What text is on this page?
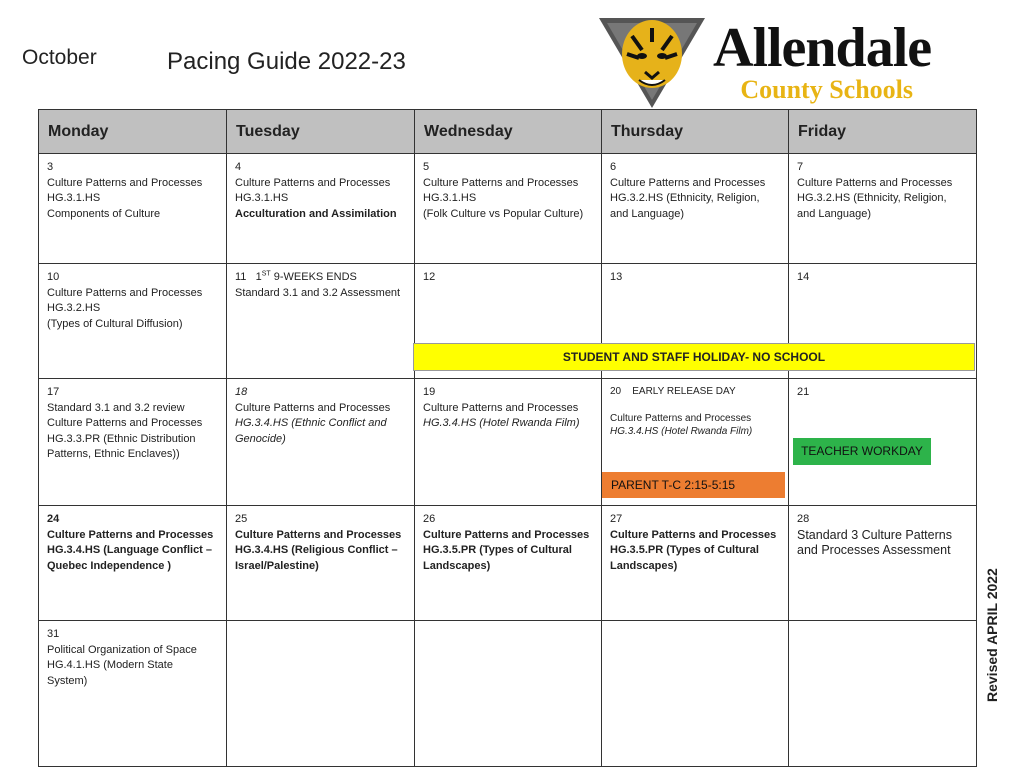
October	Pacing Guide 2022-23	Allendale
County Schools
Monday	Tuesday	Wednesday	Thursday	Friday

3
Culture Patterns and Processes
HG.3.1.HS
Components of Culture	4
Culture Patterns and Processes
HG.3.1.HS
Acculturation and Assimilation	5
Culture Patterns and Processes
HG.3.1.HS
(Folk Culture vs Popular Culture)	6
Culture Patterns and Processes
HG.3.2.HS (Ethnicity, Religion,
and Language)	7
Culture Patterns and Processes
HG.3.2.HS (Ethnicity, Religion,
and Language)

10
Culture Patterns and Processes
HG.3.2.HS
(Types of Cultural Diffusion)	11 1ST 9-WEEKS ENDS
Standard 3.1 and 3.2 Assessment	12	13	14

17
Standard 3.1 and 3.2 review
Culture Patterns and Processes
HG.3.3.PR (Ethnic Distribution
Patterns, Ethnic Enclaves))	18
Culture Patterns and Processes
HG.3.4.HS (Ethnic Conflict and
Genocide)	19
Culture Patterns and Processes
HG.3.4.HS (Hotel Rwanda Film)	20    EARLY RELEASE DAY
Culture Patterns and Processes
HG.3.4.HS (Hotel Rwanda Film)	21

24
Culture Patterns and Processes
HG.3.4.HS (Language Conflict –
Quebec Independence )	25
Culture Patterns and Processes
HG.3.4.HS (Religious Conflict –
Israel/Palestine)	26
Culture Patterns and Processes
HG.3.5.PR (Types of Cultural
Landscapes)	27
Culture Patterns and Processes
HG.3.5.PR (Types of Cultural
Landscapes)	28
Standard 3 Culture Patterns
and Processes Assessment

31
Political Organization of Space
HG.4.1.HS (Modern State
System)				

STUDENT AND STAFF HOLIDAY- NO SCHOOL
TEACHER WORKDAY
PARENT T-C 2:15-5:15
Revised APRIL 2022
